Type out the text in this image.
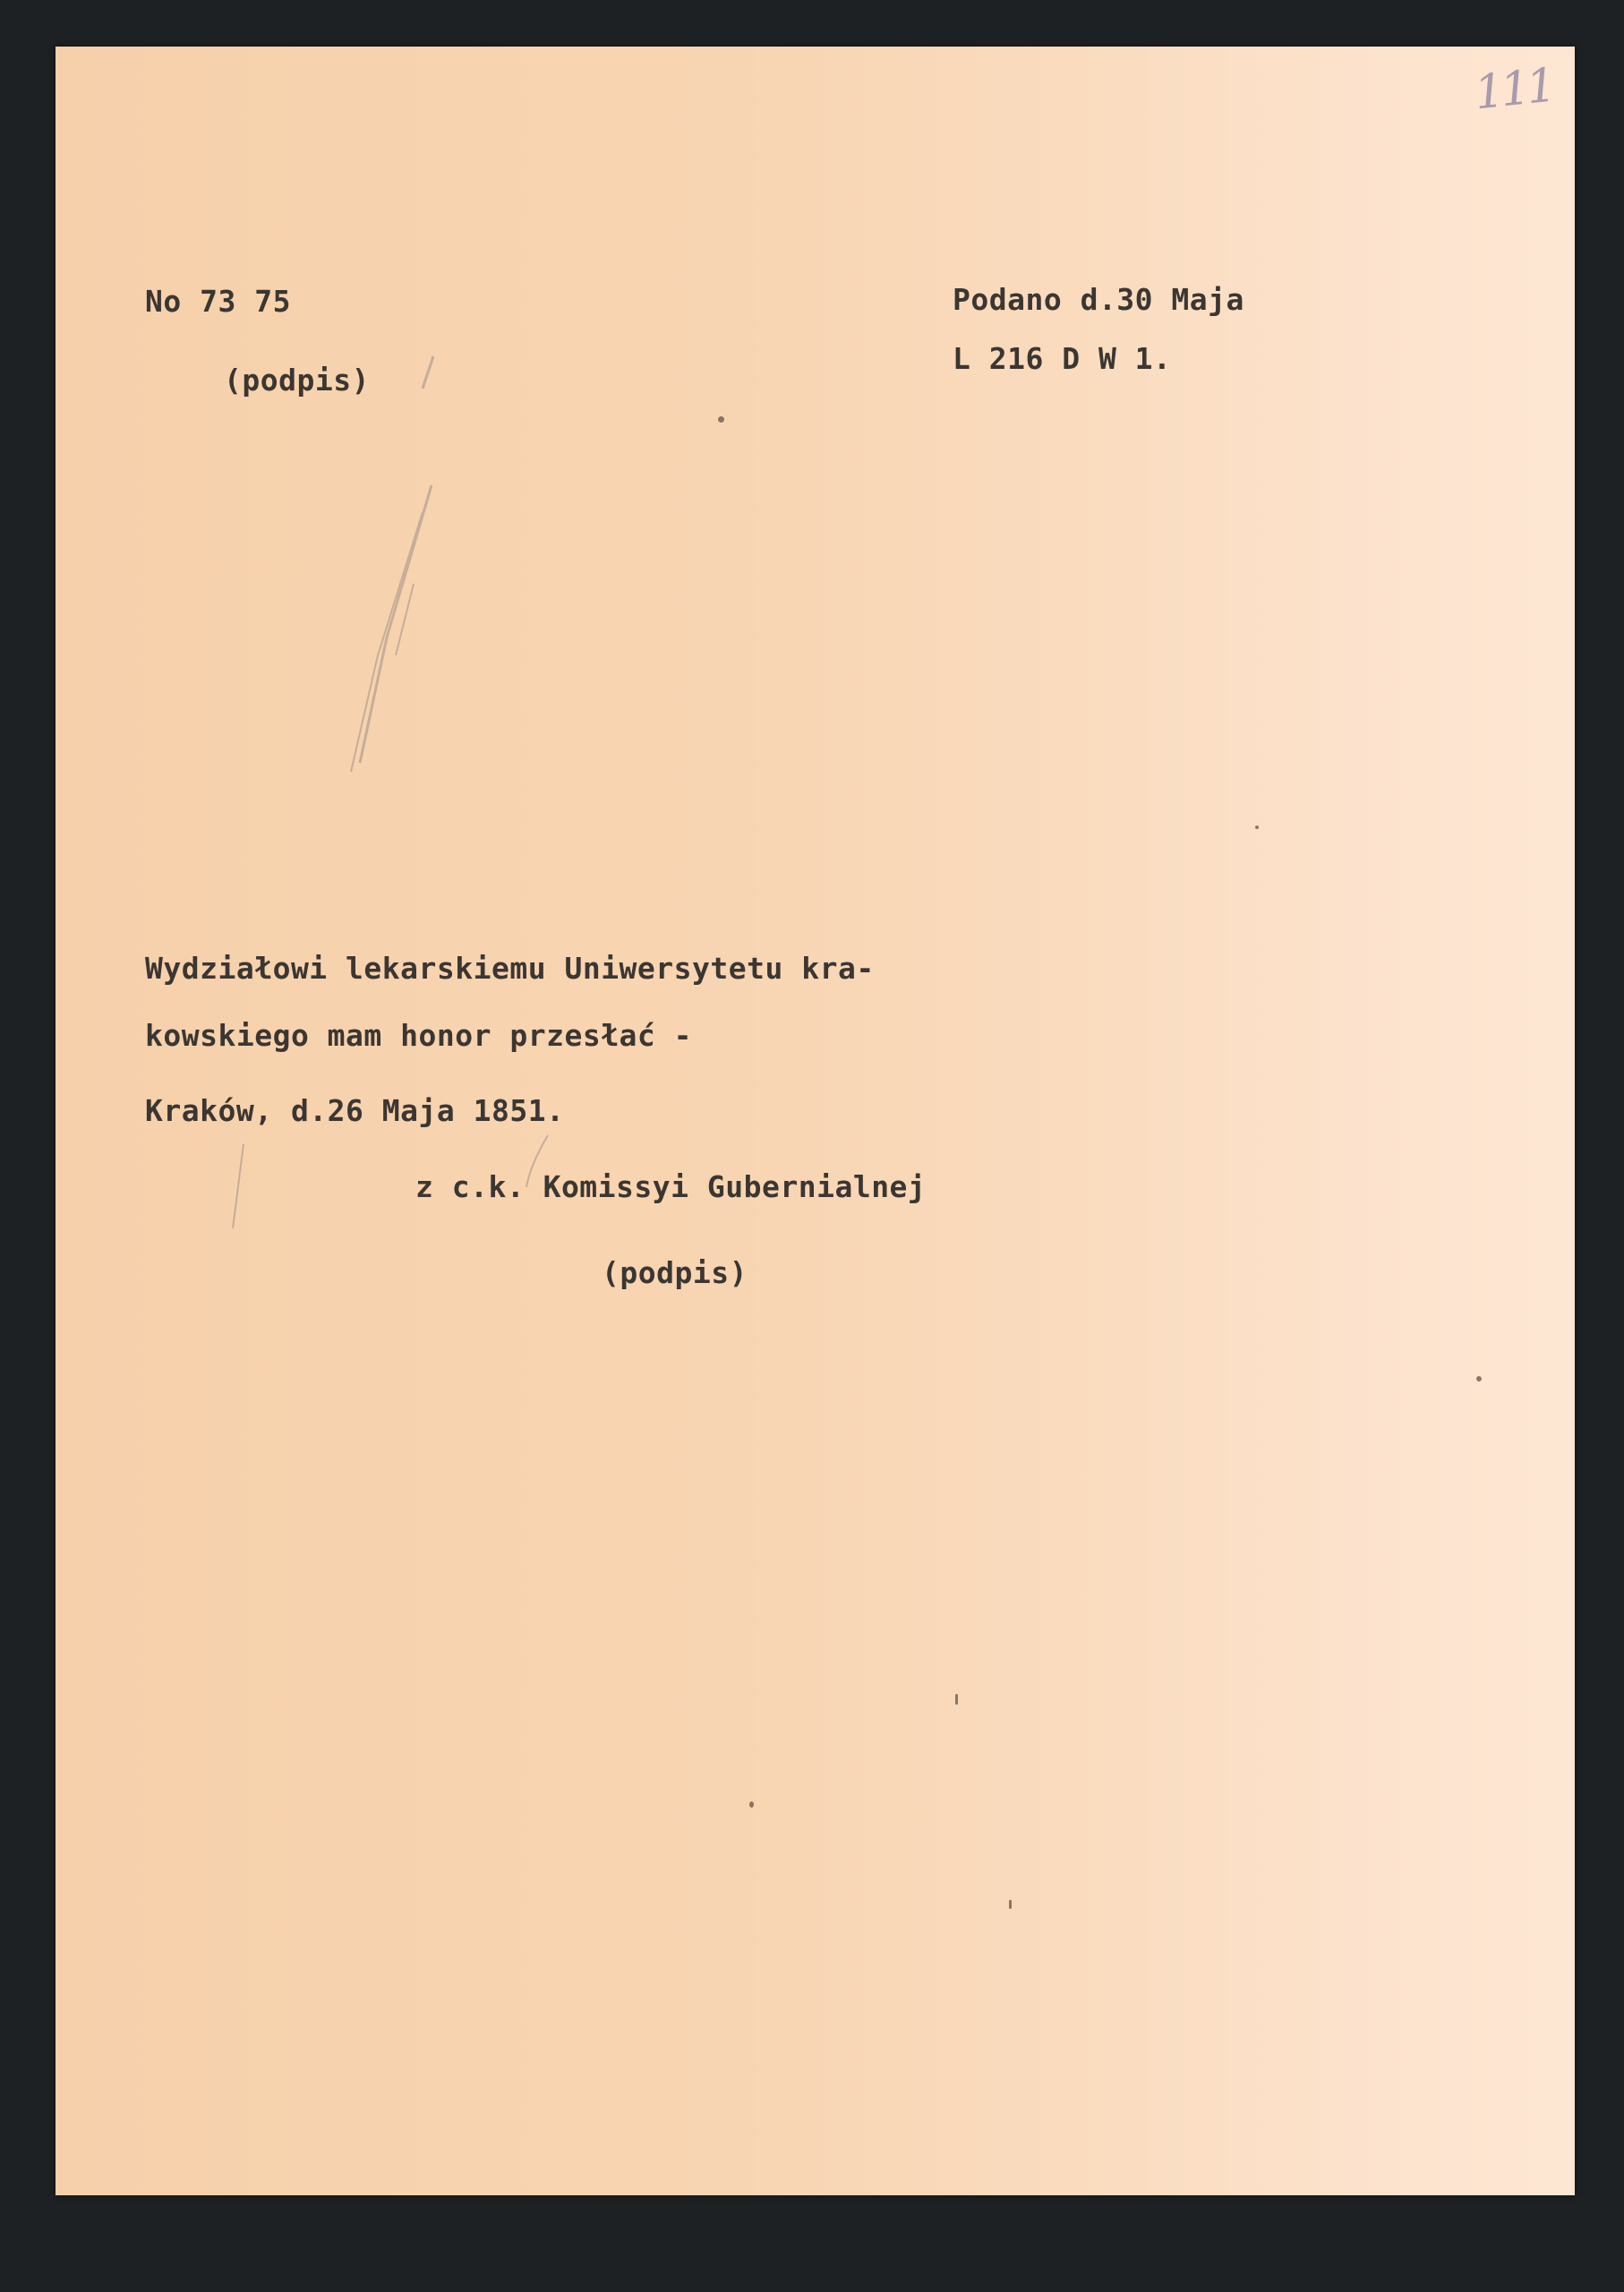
111

No 73 75

(podpis)

Podano d.30 Maja

L 216 D W 1.

Wydziałowi lekarskiemu Uniwersytetu kra-

kowskiego mam honor przesłać -

Kraków, d.26 Maja 1851.

z c.k. Komissyi Gubernialnej

(podpis)
